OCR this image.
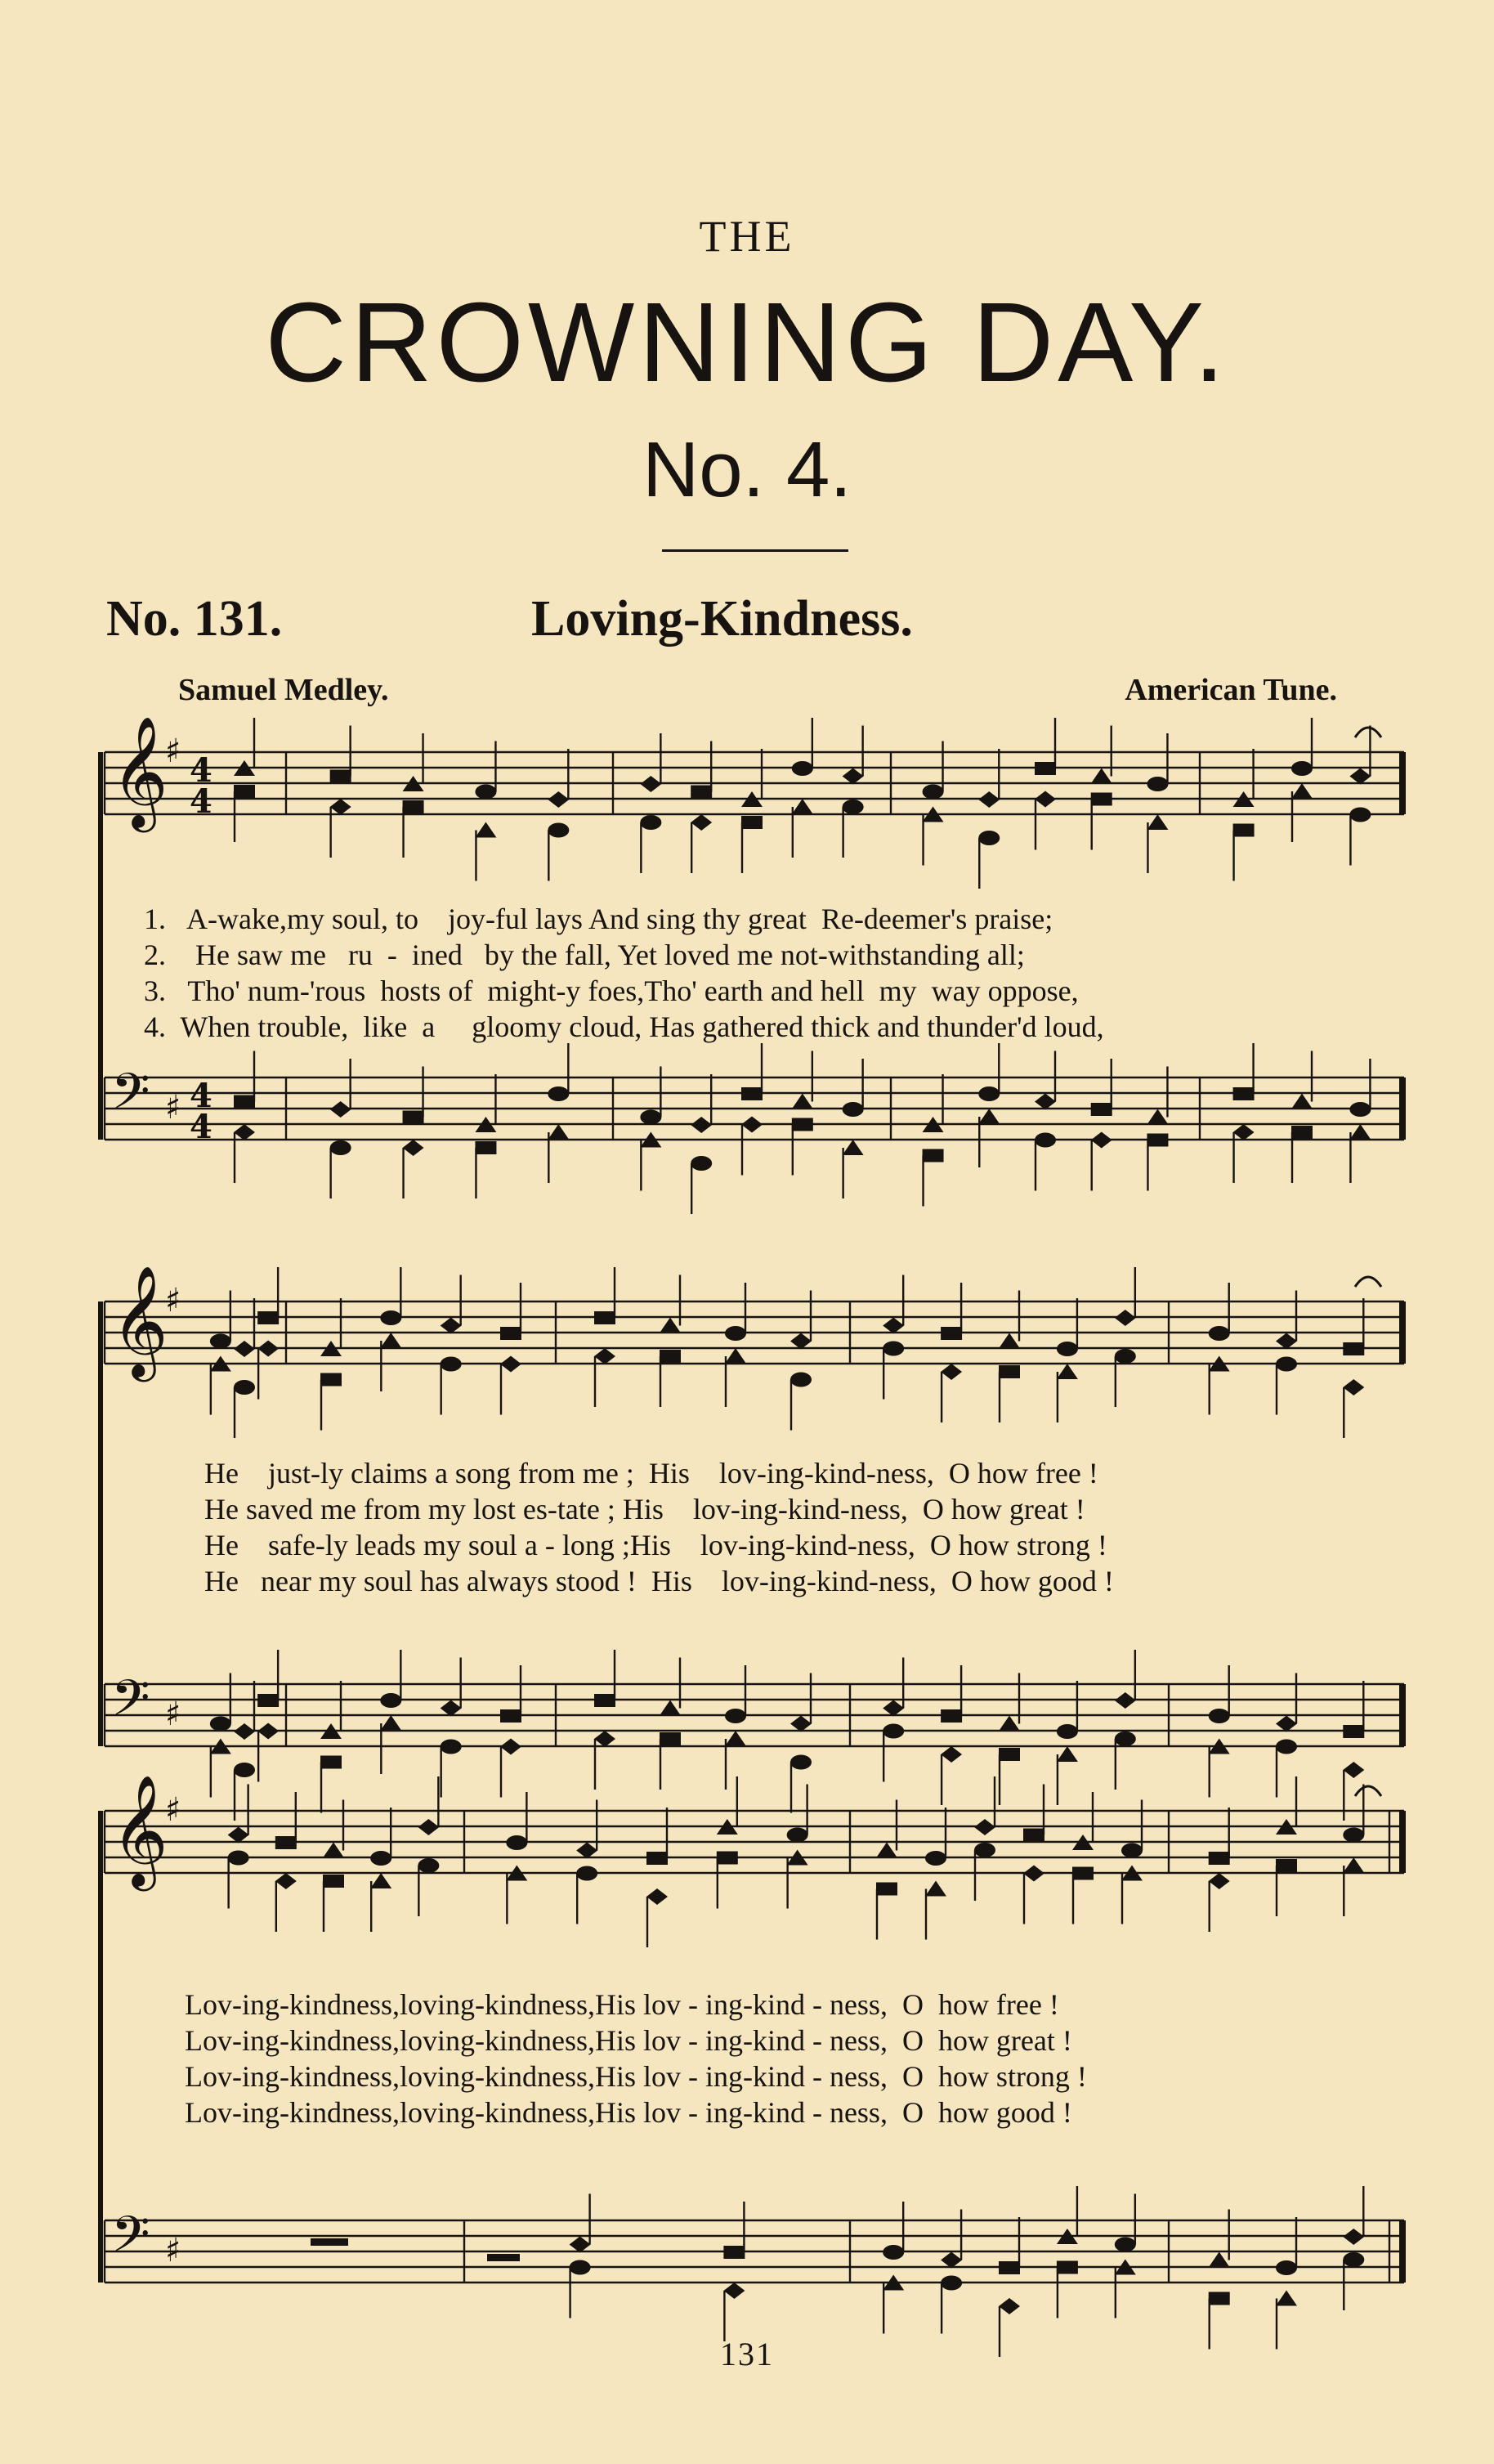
THE
CROWNING DAY.
No. 4.
No. 131.	Loving-Kindness.
Samuel Medley.	American Tune.
𝄞
♯ 4
4
𝄢 ♯ 4
4
𝄞
♯
𝄢 ♯
𝄞
♯
𝄢 ♯
1. A-wake,my soul, to    joy-ful lays And sing thy great  Re-deemer's praise;
2. He saw me   ru  -  ined   by the fall, Yet loved me not-withstanding all;
3. Tho' num-'rous  hosts of  might-y foes,Tho' earth and hell  my  way oppose,
4. When trouble,  like  a     gloomy cloud, Has gathered thick and thunder'd loud,
He    just-ly claims a song from me ;  His    lov-ing-kind-ness,  O how free !
He saved me from my lost es-tate ; His    lov-ing-kind-ness,  O how great !
He    safe-ly leads my soul a - long ;His    lov-ing-kind-ness,  O how strong !
He   near my soul has always stood !  His    lov-ing-kind-ness,  O how good !
Lov-ing-kindness,loving-kindness,His lov - ing-kind - ness,  O  how free !
Lov-ing-kindness,loving-kindness,His lov - ing-kind - ness,  O  how great !
Lov-ing-kindness,loving-kindness,His lov - ing-kind - ness,  O  how strong !
Lov-ing-kindness,loving-kindness,His lov - ing-kind - ness,  O  how good !
131
